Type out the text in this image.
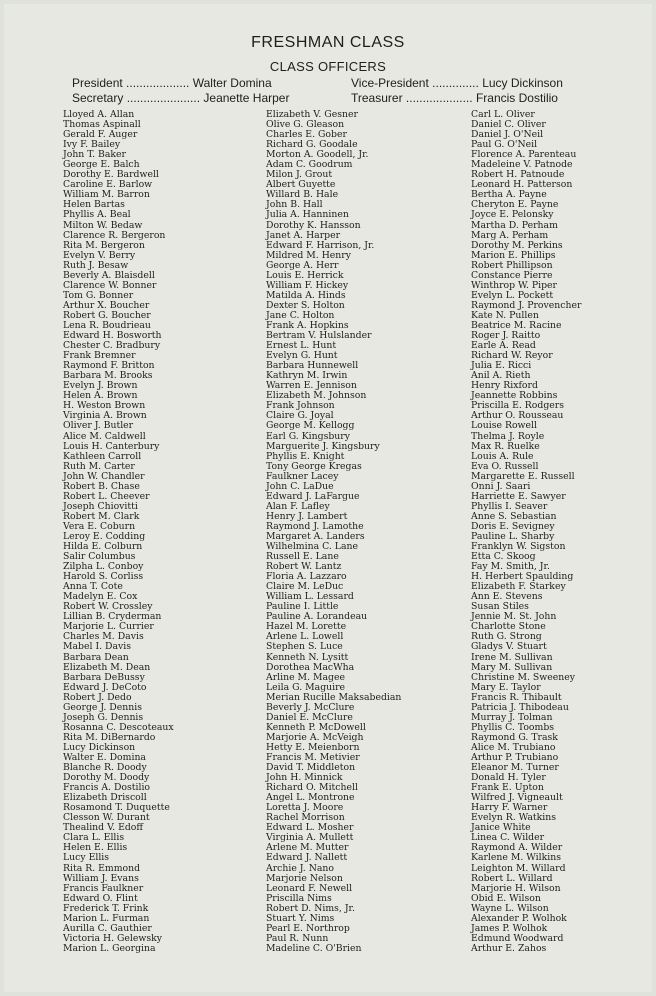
FRESHMAN CLASS
CLASS OFFICERS
President ................... Walter Domina	Vice-President .............. Lucy Dickinson
Secretary ...................... Jeanette Harper	Treasurer .................... Francis Dostilio
Lloyed A. Allan
Thomas Aspinall
Gerald F. Auger
Ivy F. Bailey
John T. Baker
George E. Balch
Dorothy E. Bardwell
Caroline E. Barlow
William M. Barron
Helen Bartas
Phyllis A. Beal
Milton W. Bedaw
Clarence R. Bergeron
Rita M. Bergeron
Evelyn V. Berry
Ruth J. Besaw
Beverly A. Blaisdell
Clarence W. Bonner
Tom G. Bonner
Arthur X. Boucher
Robert G. Boucher
Lena R. Boudrieau
Edward H. Bosworth
Chester C. Bradbury
Frank Bremner
Raymond F. Britton
Barbara M. Brooks
Evelyn J. Brown
Helen A. Brown
H. Weston Brown
Virginia A. Brown
Oliver J. Butler
Alice M. Caldwell
Louis H. Canterbury
Kathleen Carroll
Ruth M. Carter
John W. Chandler
Robert B. Chase
Robert L. Cheever
Joseph Chiovitti
Robert M. Clark
Vera E. Coburn
Leroy E. Codding
Hilda E. Colburn
Salir Columbus
Zilpha L. Conboy
Harold S. Corliss
Anna T. Cote
Madelyn E. Cox
Robert W. Crossley
Lillian B. Cryderman
Marjorie L. Currier
Charles M. Davis
Mabel I. Davis
Barbara Dean
Elizabeth M. Dean
Barbara DeBussy
Edward J. DeCoto
Robert J. Dedo
George J. Dennis
Joseph G. Dennis
Rosanna C. Descoteaux
Rita M. DiBernardo
Lucy Dickinson
Walter E. Domina
Blanche R. Doody
Dorothy M. Doody
Francis A. Dostilio
Elizabeth Driscoll
Rosamond T. Duquette
Clesson W. Durant
Thealind V. Edoff
Clara L. Ellis
Helen E. Ellis
Lucy Ellis
Rita R. Emmond
William J. Evans
Francis Faulkner
Edward O. Flint
Frederick T. Frink
Marion L. Furman
Aurilla C. Gauthier
Victoria H. Gelewsky
Marion L. Georgina
Elizabeth V. Gesner
Olive G. Gleason
Charles E. Gober
Richard G. Goodale
Morton A. Goodell, Jr.
Adam C. Goodrum
Milon J. Grout
Albert Guyette
Willard B. Hale
John B. Hall
Julia A. Hanninen
Dorothy K. Hansson
Janet A. Harper
Edward F. Harrison, Jr.
Mildred M. Henry
George A. Herr
Louis E. Herrick
William F. Hickey
Matilda A. Hinds
Dexter S. Holton
Jane C. Holton
Frank A. Hopkins
Bertram V. Hulslander
Ernest L. Hunt
Evelyn G. Hunt
Barbara Hunnewell
Kathryn M. Irwin
Warren E. Jennison
Elizabeth M. Johnson
Frank Johnson
Claire G. Joyal
George M. Kellogg
Earl G. Kingsbury
Marguerite J. Kingsbury
Phyllis E. Knight
Tony George Kregas
Faulkner Lacey
John C. LaDue
Edward J. LaFargue
Alan F. Lafley
Henry J. Lambert
Raymond J. Lamothe
Margaret A. Landers
Wilhelmina C. Lane
Russell E. Lane
Robert W. Lantz
Floria A. Lazzaro
Claire M. LeDuc
William L. Lessard
Pauline I. Little
Pauline A. Lorandeau
Hazel M. Lorette
Arlene L. Lowell
Stephen S. Luce
Kenneth N. Lysitt
Dorothea MacWha
Arline M. Magee
Leila G. Maguire
Merian Rucille Maksabedian
Beverly J. McClure
Daniel E. McClure
Kenneth P. McDowell
Marjorie A. McVeigh
Hetty E. Meienborn
Francis M. Metivier
David T. Middleton
John H. Minnick
Richard O. Mitchell
Angel L. Montrone
Loretta J. Moore
Rachel Morrison
Edward L. Mosher
Virginia A. Mullett
Arlene M. Mutter
Edward J. Nallett
Archie J. Nano
Marjorie Nelson
Leonard F. Newell
Priscilla Nims
Robert D. Nims, Jr.
Stuart Y. Nims
Pearl E. Northrop
Paul R. Nunn
Madeline C. O'Brien
Carl L. Oliver
Daniel C. Oliver
Daniel J. O'Neil
Paul G. O'Neil
Florence A. Parenteau
Madeleine V. Patnode
Robert H. Patnoude
Leonard H. Patterson
Bertha A. Payne
Cheryton E. Payne
Joyce E. Pelonsky
Martha D. Perham
Marg A. Perham
Dorothy M. Perkins
Marion E. Phillips
Robert Phillipson
Constance Pierre
Winthrop W. Piper
Evelyn L. Pockett
Raymond J. Provencher
Kate N. Pullen
Beatrice M. Racine
Roger J. Raitto
Earle A. Read
Richard W. Reyor
Julia E. Ricci
Anil A. Rieth
Henry Rixford
Jeannette Robbins
Priscilla E. Rodgers
Arthur O. Rousseau
Louise Rowell
Thelma J. Royle
Max R. Ruelke
Louis A. Rule
Eva O. Russell
Margarette E. Russell
Onni J. Saari
Harriette E. Sawyer
Phyllis I. Seaver
Anne S. Sebastian
Doris E. Sevigney
Pauline L. Sharby
Franklyn W. Sigston
Etta C. Skoog
Fay M. Smith, Jr.
H. Herbert Spaulding
Elizabeth F. Starkey
Ann E. Stevens
Susan Stiles
Jennie M. St. John
Charlotte Stone
Ruth G. Strong
Gladys V. Stuart
Irene M. Sullivan
Mary M. Sullivan
Christine M. Sweeney
Mary E. Taylor
Francis R. Thibault
Patricia J. Thibodeau
Murray J. Tolman
Phyllis C. Toombs
Raymond G. Trask
Alice M. Trubiano
Arthur P. Trubiano
Eleanor M. Turner
Donald H. Tyler
Frank E. Upton
Wilfred J. Vigneault
Harry F. Warner
Evelyn R. Watkins
Janice White
Linea C. Wilder
Raymond A. Wilder
Karlene M. Wilkins
Leighton M. Willard
Robert L. Willard
Marjorie H. Wilson
Obid E. Wilson
Wayne L. Wilson
Alexander P. Wolhok
James P. Wolhok
Edmund Woodward
Arthur E. Zahos
